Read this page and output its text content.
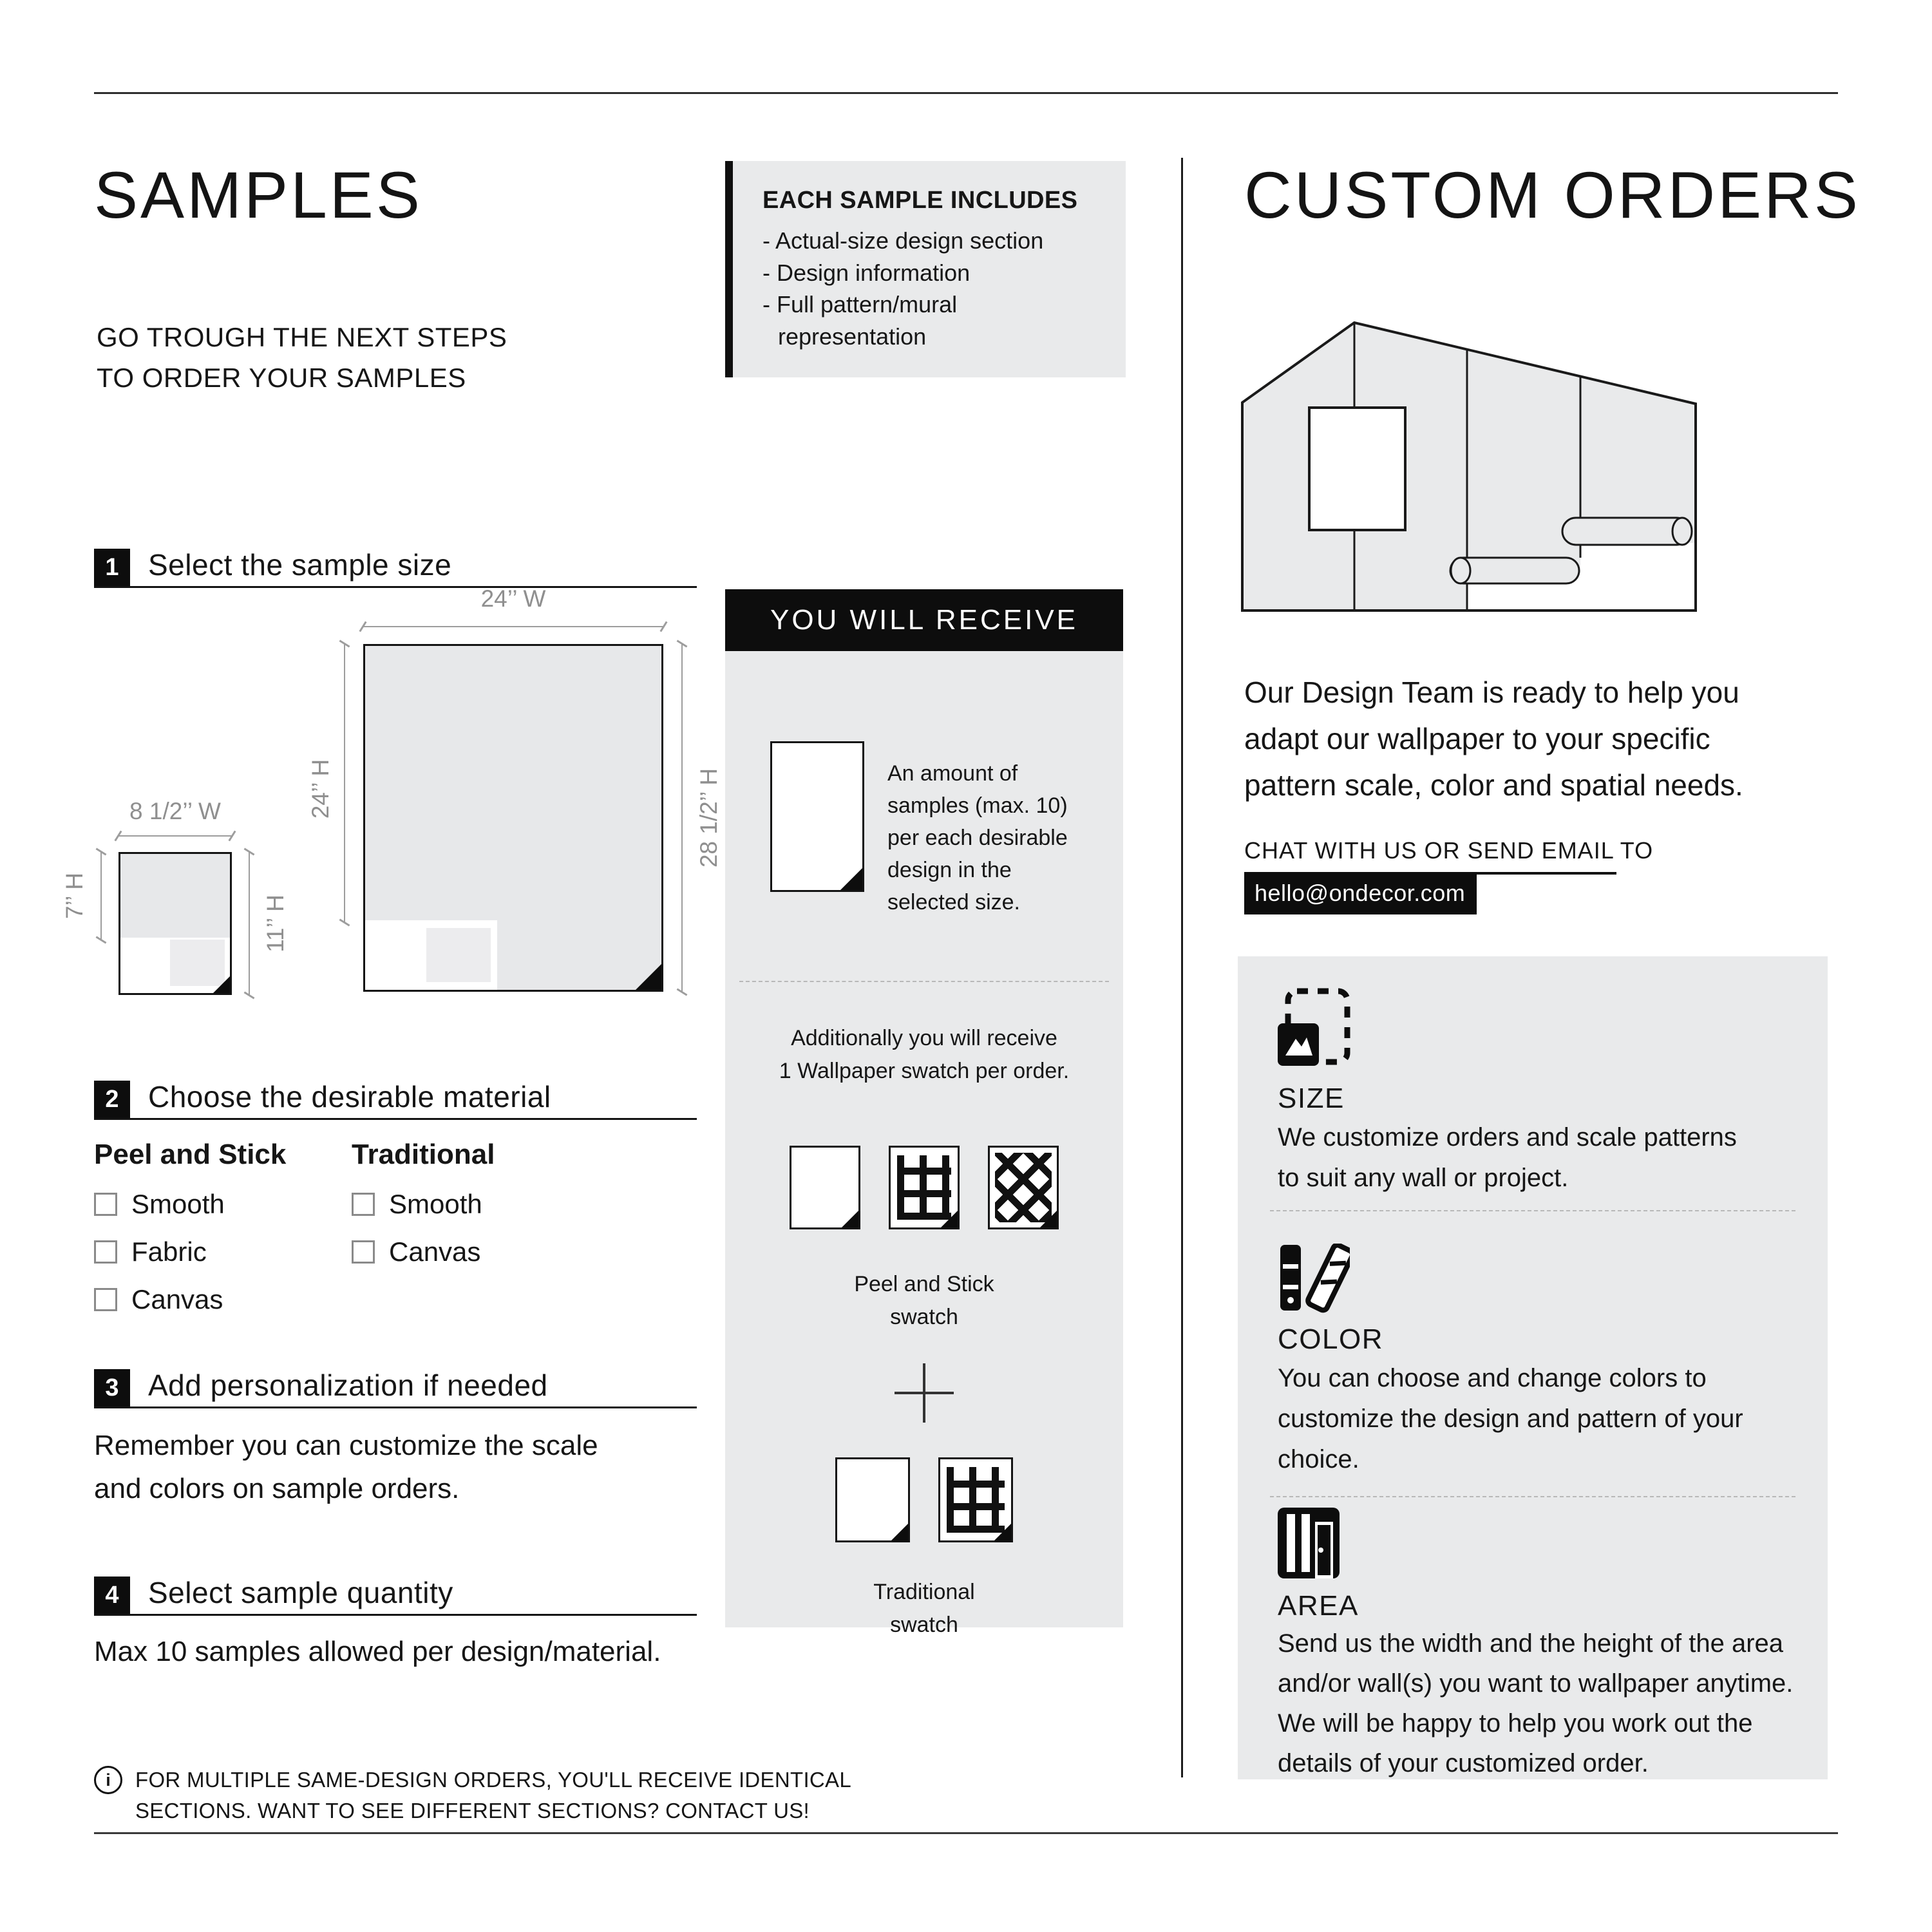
SAMPLES
GO TROUGH THE NEXT STEPS
TO ORDER YOUR SAMPLES
EACH SAMPLE INCLUDES
- Actual-size design section
- Design information
- Full pattern/mural
representation
1 Select the sample size
24’’ W
24’’ H	28 1/2’’ H
8 1/2’’ W
7’’ H	11’’ H
2 Choose the desirable material
Peel and Stick
Smooth
Fabric
Canvas
Traditional
Smooth
Canvas
3 Add personalization if needed
Remember you can customize the scale
and colors on sample orders.
4 Select sample quantity
Max 10 samples allowed per design/material.
i	FOR MULTIPLE SAME-DESIGN ORDERS, YOU'LL RECEIVE IDENTICAL
SECTIONS. WANT TO SEE DIFFERENT SECTIONS? CONTACT US!
YOU WILL RECEIVE
An amount of
samples (max. 10)
per each desirable
design in the
selected size.
Additionally you will receive
1 Wallpaper swatch per order.
Peel and Stick
swatch
Traditional
swatch
CUSTOM ORDERS
Our Design Team is ready to help you
adapt our wallpaper to your specific
pattern scale, color and spatial needs.
CHAT WITH US OR SEND EMAIL TO
hello@ondecor.com
SIZE
We customize orders and scale patterns
to suit any wall or project.
COLOR
You can choose and change colors to
customize the design and pattern of your
choice.
AREA
Send us the width and the height of the area
and/or wall(s) you want to wallpaper anytime.
We will be happy to help you work out the
details of your customized order.
